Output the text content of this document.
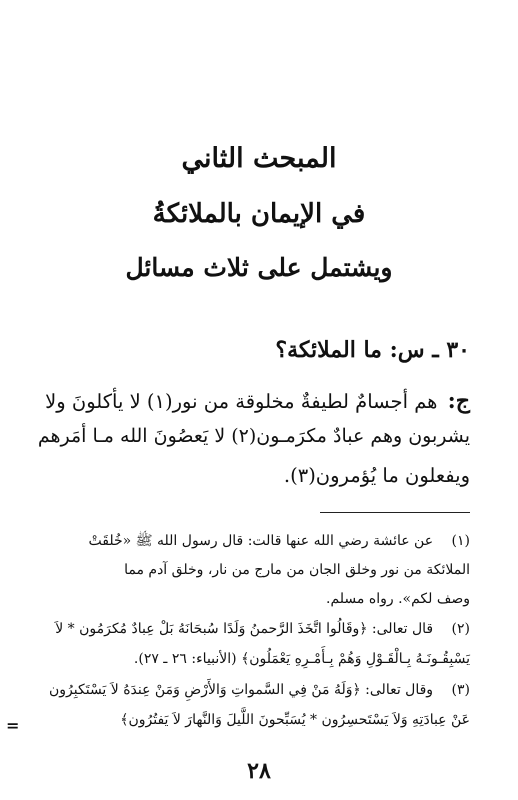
المبحث الثاني
في الإيمان بالملائكةُ
ويشتمل على ثلاث مسائل
٣٠ ـ س: ما الملائكة؟
ج: هم أجسامٌ لطيفةٌ مخلوقة من نور(١) لا يأكلونَ ولا
يشربون وهم عبادٌ مكرَمـون(٢) لا يَعصُونَ الله مـا أمَرهم
ويفعلون ما يُؤمرون(٣).
(١) عن عائشة رضي الله عنها قالت: قال رسول الله ﷺ «خُلقَتْ
الملائكة من نور وخلق الجان من مارج من نار، وخلق آدم مما
وصف لكم». رواه مسلم.
(٢) قال تعالى: ﴿وقَالُوا اتَّخَذَ الرَّحمنُ وَلَدًا سُبحَانَهُ بَلْ عِبادٌ مُكرَمُون * لاَ
يَسْبِقُـونَـهُ بِـالْقَـوْلِ وَهُمْ بِـأَمْـرِهِ يَعْمَلُون﴾ (الأنبياء: ٢٦ ـ ٢٧).
(٣) وقال تعالى: ﴿وَلَهُ مَنْ فِي السَّمواتِ وَالأَرْضِ وَمَنْ عِندَهُ لاَ يَسْتَكبِرُون
عَنْ عِبادَتِهِ وَلاَ يَسْتَحسِرُون * يُسَبِّحونَ اللَّيلَ وَالنَّهارَ لاَ يَفتُرُون﴾
=
٢٨
